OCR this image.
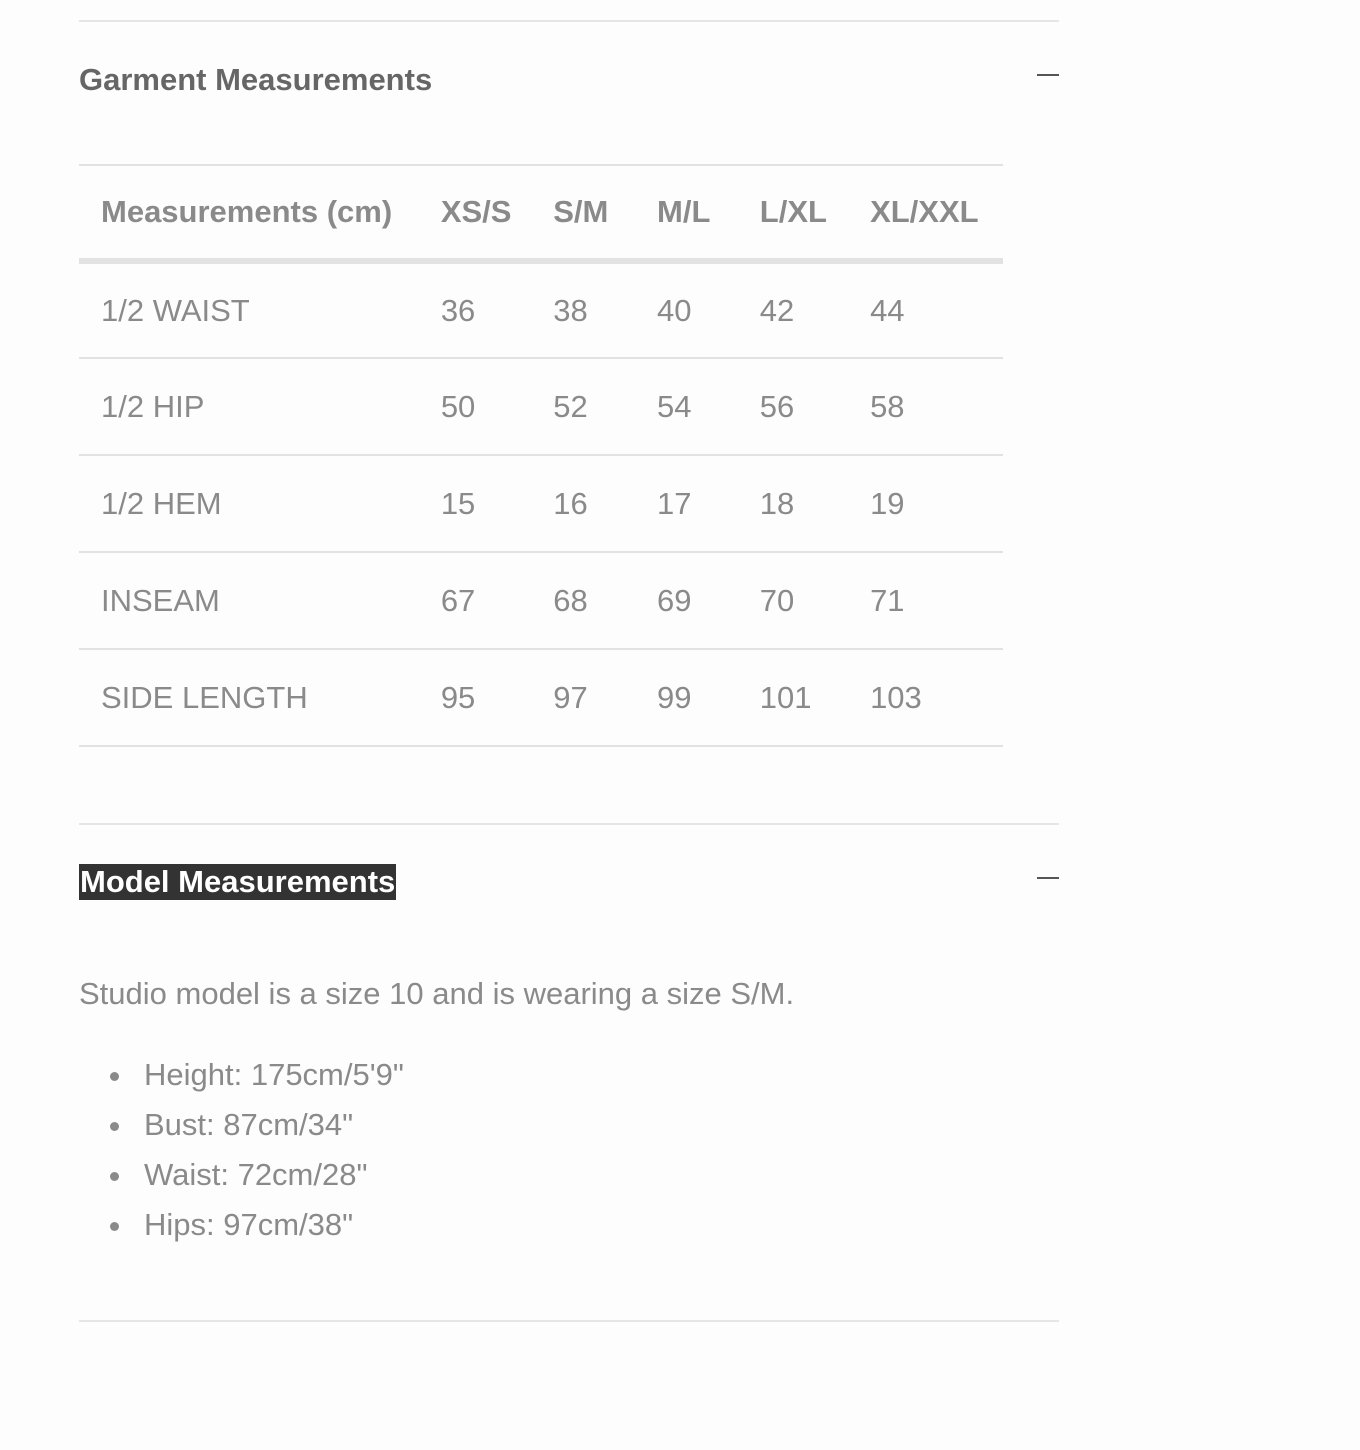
Garment Measurements
Measurements (cm)	XS/S	S/M	M/L	L/XL	XL/XXL
1/2 WAIST	36	38	40	42	44
1/2 HIP	50	52	54	56	58
1/2 HEM	15	16	17	18	19
INSEAM	67	68	69	70	71
SIDE LENGTH	95	97	99	101	103
Model Measurements
Studio model is a size 10 and is wearing a size S/M.
Height: 175cm/5'9"
Bust: 87cm/34"
Waist: 72cm/28"
Hips: 97cm/38"
